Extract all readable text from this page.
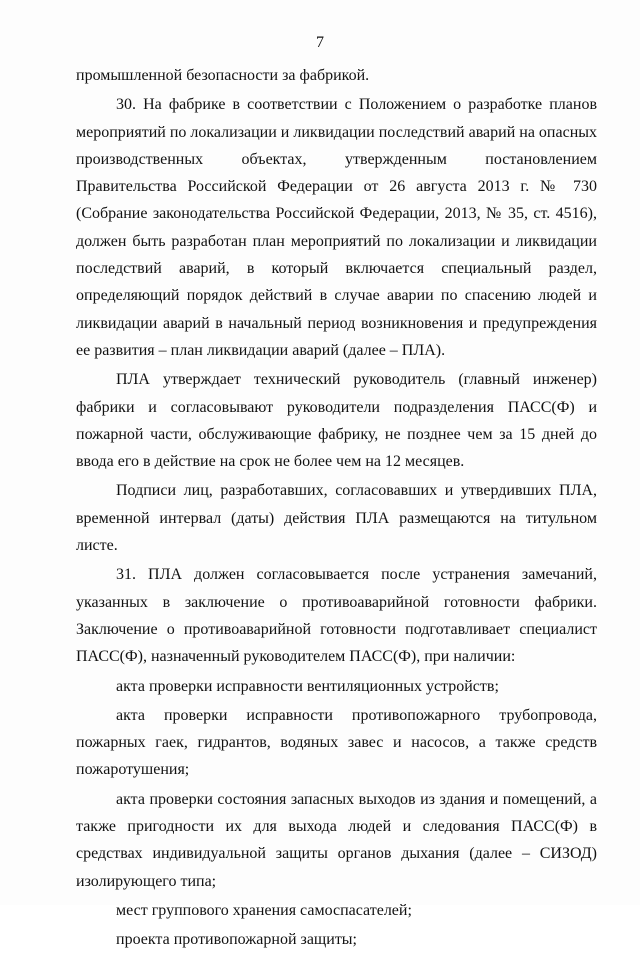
7

промышленной безопасности за фабрикой.

30. На фабрике в соответствии с Положением о разработке планов мероприятий по локализации и ликвидации последствий аварий на опасных производственных объектах, утвержденным постановлением Правительства Российской Федерации от 26 августа 2013 г. № 730 (Собрание законодательства Российской Федерации, 2013, № 35, ст. 4516), должен быть разработан план мероприятий по локализации и ликвидации последствий аварий, в который включается специальный раздел, определяющий порядок действий в случае аварии по спасению людей и ликвидации аварий в начальный период возникновения и предупреждения ее развития – план ликвидации аварий (далее – ПЛА).

ПЛА утверждает технический руководитель (главный инженер) фабрики и согласовывают руководители подразделения ПАСС(Ф) и пожарной части, обслуживающие фабрику, не позднее чем за 15 дней до ввода его в действие на срок не более чем на 12 месяцев.

Подписи лиц, разработавших, согласовавших и утвердивших ПЛА, временной интервал (даты) действия ПЛА размещаются на титульном листе.

31. ПЛА должен согласовывается после устранения замечаний, указанных в заключение о противоаварийной готовности фабрики. Заключение о противоаварийной готовности подготавливает специалист ПАСС(Ф), назначенный руководителем ПАСС(Ф), при наличии:

акта проверки исправности вентиляционных устройств;

акта проверки исправности противопожарного трубопровода, пожарных гаек, гидрантов, водяных завес и насосов, а также средств пожаротушения;

акта проверки состояния запасных выходов из здания и помещений, а также пригодности их для выхода людей и следования ПАСС(Ф) в средствах индивидуальной защиты органов дыхания (далее – СИЗОД) изолирующего типа;

мест группового хранения самоспасателей;

проекта противопожарной защиты;
